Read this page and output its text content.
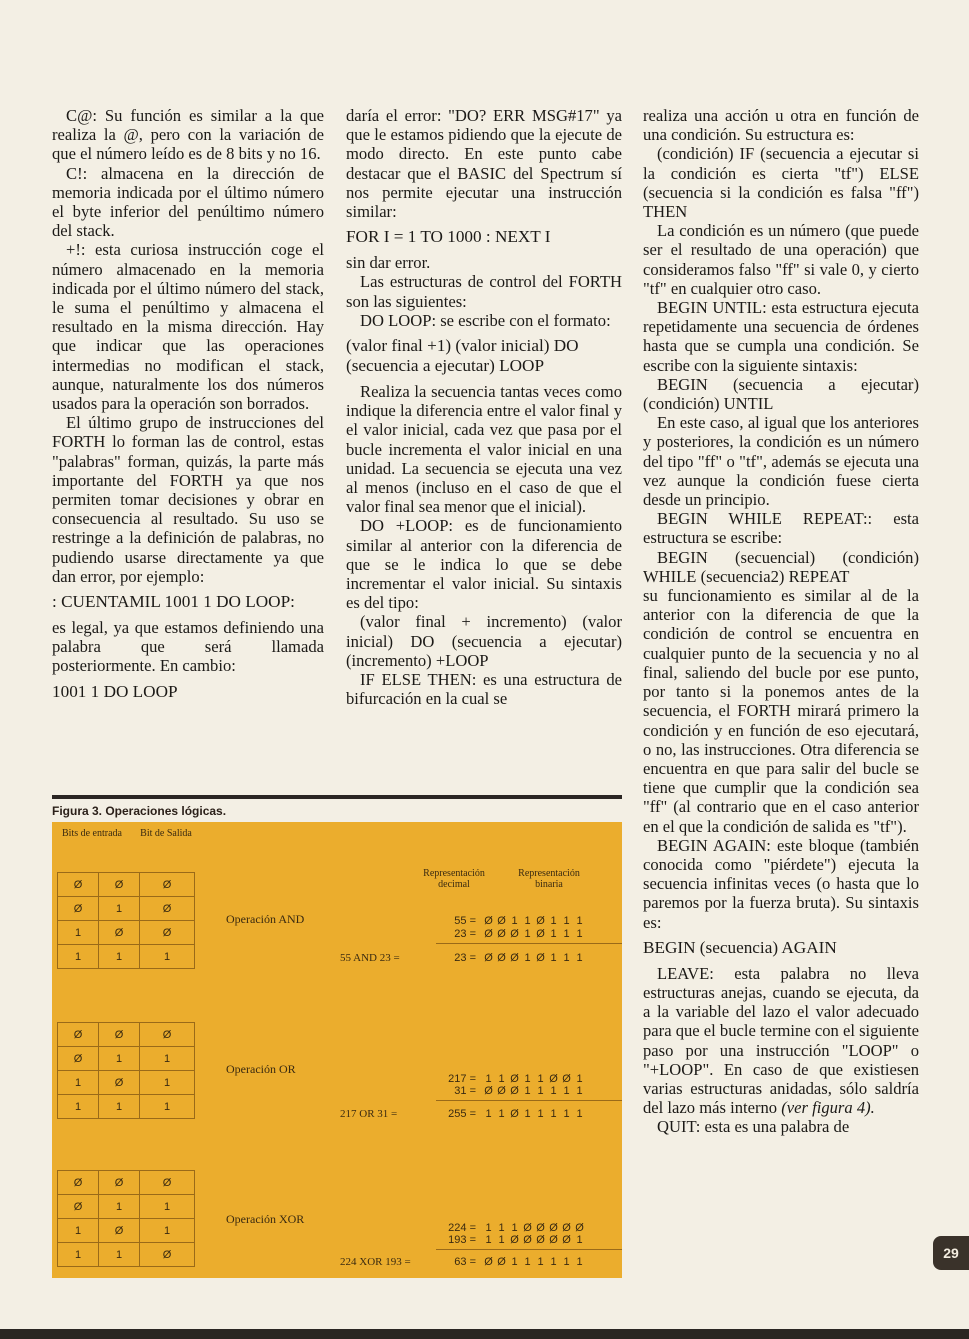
C@: Su función es similar a la que realiza la @, pero con la variación de que el número leído es de 8 bits y no 16.

C!: almacena en la dirección de memoria indicada por el último número el byte inferior del penúltimo número del stack.

+!: esta curiosa instrucción coge el número almacenado en la memoria indicada por el último número del stack, le suma el penúltimo y almacena el resultado en la misma dirección. Hay que indicar que las operaciones intermedias no modifican el stack, aunque, naturalmente los dos números usados para la operación son borrados.

El último grupo de instrucciones del FORTH lo forman las de control, estas "palabras" forman, quizás, la parte más importante del FORTH ya que nos permiten tomar decisiones y obrar en consecuencia al resultado. Su uso se restringe a la definición de palabras, no pudiendo usarse directamente ya que dan error, por ejemplo:

: CUENTAMIL 1001 1 DO LOOP:

es legal, ya que estamos definiendo una palabra que será llamada posteriormente. En cambio:

1001 1 DO LOOP

daría el error: "DO? ERR MSG#17" ya que le estamos pidiendo que la ejecute de modo directo. En este punto cabe destacar que el BASIC del Spectrum sí nos permite ejecutar una instrucción similar:

FOR I = 1 TO 1000 : NEXT I

sin dar error.

Las estructuras de control del FORTH son las siguientes:

DO LOOP: se escribe con el formato:

(valor final +1) (valor inicial) DO (secuencia a ejecutar) LOOP

Realiza la secuencia tantas veces como indique la diferencia entre el valor final y el valor inicial, cada vez que pasa por el bucle incrementa el valor inicial en una unidad. La secuencia se ejecuta una vez al menos (incluso en el caso de que el valor final sea menor que el inicial).

DO +LOOP: es de funcionamiento similar al anterior con la diferencia de que se le indica lo que se debe incrementar el valor inicial. Su sintaxis es del tipo:

(valor final + incremento) (valor inicial) DO (secuencia a ejecutar) (incremento) +LOOP

IF ELSE THEN: es una estructura de bifurcación en la cual se

realiza una acción u otra en función de una condición. Su estructura es:

(condición) IF (secuencia a ejecutar si la condición es cierta "tf") ELSE (secuencia si la condición es falsa "ff") THEN

La condición es un número (que puede ser el resultado de una operación) que consideramos falso "ff" si vale 0, y cierto "tf" en cualquier otro caso.

BEGIN UNTIL: esta estructura ejecuta repetidamente una secuencia de órdenes hasta que se cumpla una condición. Se escribe con la siguiente sintaxis:

BEGIN (secuencia a ejecutar) (condición) UNTIL

En este caso, al igual que los anteriores y posteriores, la condición es un número del tipo "ff" o "tf", además se ejecuta una vez aunque la condición fuese cierta desde un principio.

BEGIN WHILE REPEAT:: esta estructura se escribe:

BEGIN (secuencial) (condición) WHILE (secuencia2) REPEAT

su funcionamiento es similar al de la anterior con la diferencia de que la condición de control se encuentra en cualquier punto de la secuencia y no al final, saliendo del bucle por ese punto, por tanto si la ponemos antes de la secuencia, el FORTH mirará primero la condición y en función de eso ejecutará, o no, las instrucciones. Otra diferencia se encuentra en que para salir del bucle se tiene que cumplir que la condición sea "ff" (al contrario que en el caso anterior en el que la condición de salida es "tf").

BEGIN AGAIN: este bloque (también conocida como "piérdete") ejecuta la secuencia infinitas veces (o hasta que lo paremos por la fuerza bruta). Su sintaxis es:

BEGIN (secuencia) AGAIN

LEAVE: esta palabra no lleva estructuras anejas, cuando se ejecuta, da a la variable del lazo el valor adecuado para que el bucle termine con el siguiente paso por una instrucción "LOOP" o "+LOOP". En caso de que existiesen varias estructuras anidadas, sólo saldría del lazo más interno (ver figura 4).

QUIT: esta es una palabra de

Figura 3. Operaciones lógicas.
Bits de entrada	Bit de Salida
Representación decimal
Representación binaria
Ø	Ø	Ø
Ø	1	Ø
1	Ø	Ø
1	1	1
Operación AND	55 = Ø Ø 1 1 Ø 1 1 1
23 = Ø Ø Ø 1 Ø 1 1 1
55 AND 23 =	23 = Ø Ø Ø 1 Ø 1 1 1
Ø	Ø	Ø
Ø	1	1
1	Ø	1
1	1	1
Operación OR
217 = 1 1 Ø 1 1 Ø Ø 1
31 = Ø Ø Ø 1 1 1 1 1
217 OR 31 =	255 = 1 1 Ø 1 1 1 1 1
Ø	Ø	Ø
Ø	1	1
1	Ø	1
1	1	Ø
Operación XOR
224 = 1 1 1 Ø Ø Ø Ø Ø
193 = 1 1 Ø Ø Ø Ø Ø 1
224 XOR 193 =	63 = Ø Ø 1 1 1 1 1 1
29
